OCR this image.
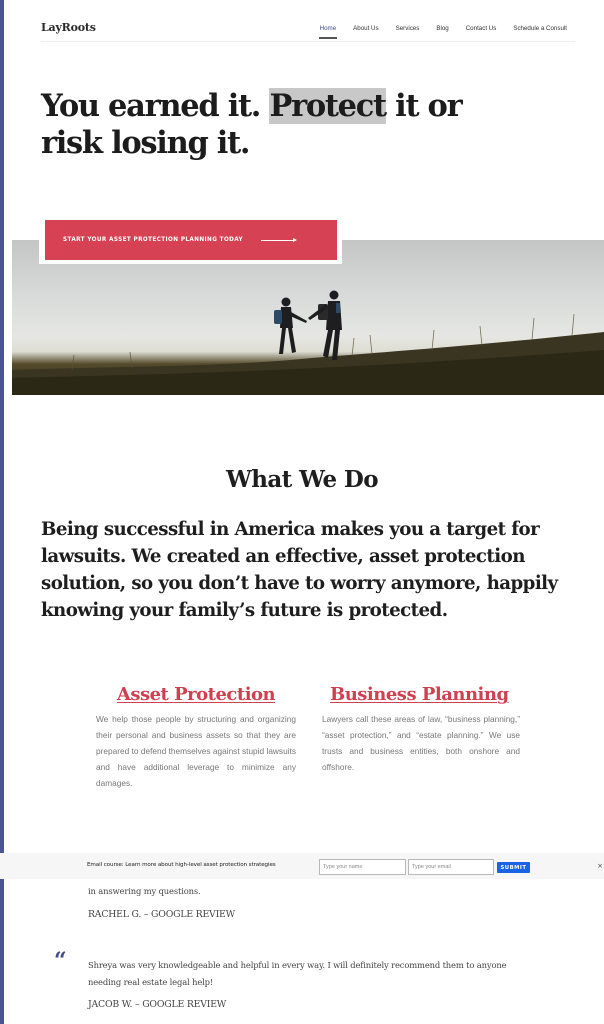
LayRoots	Home	About Us	Services	Blog	Contact Us	Schedule a Consult
You earned it. Protect it or risk losing it.
START YOUR ASSET PROTECTION PLANNING TODAY
What We Do

Being successful in America makes you a target for lawsuits. We created an effective, asset protection solution, so you don’t have to worry anymore, happily knowing your family’s future is protected.

Asset Protection

We help those people by structuring and organizing their personal and business assets so that they are prepared to defend themselves against stupid lawsuits and have additional leverage to minimize any damages.

Business Planning

Lawyers call these areas of law, “business planning,” “asset protection,” and “estate planning.” We use trusts and business entities, both onshore and offshore.

Email course: Learn more about high-level asset protection strategies
Type your name
Type your email	SUBMIT	×

in answering my questions.

RACHEL G. – GOOGLE REVIEW

“	Shreya was very knowledgeable and helpful in every way. I will definitely recommend them to anyone

needing real estate legal help!

JACOB W. – GOOGLE REVIEW
